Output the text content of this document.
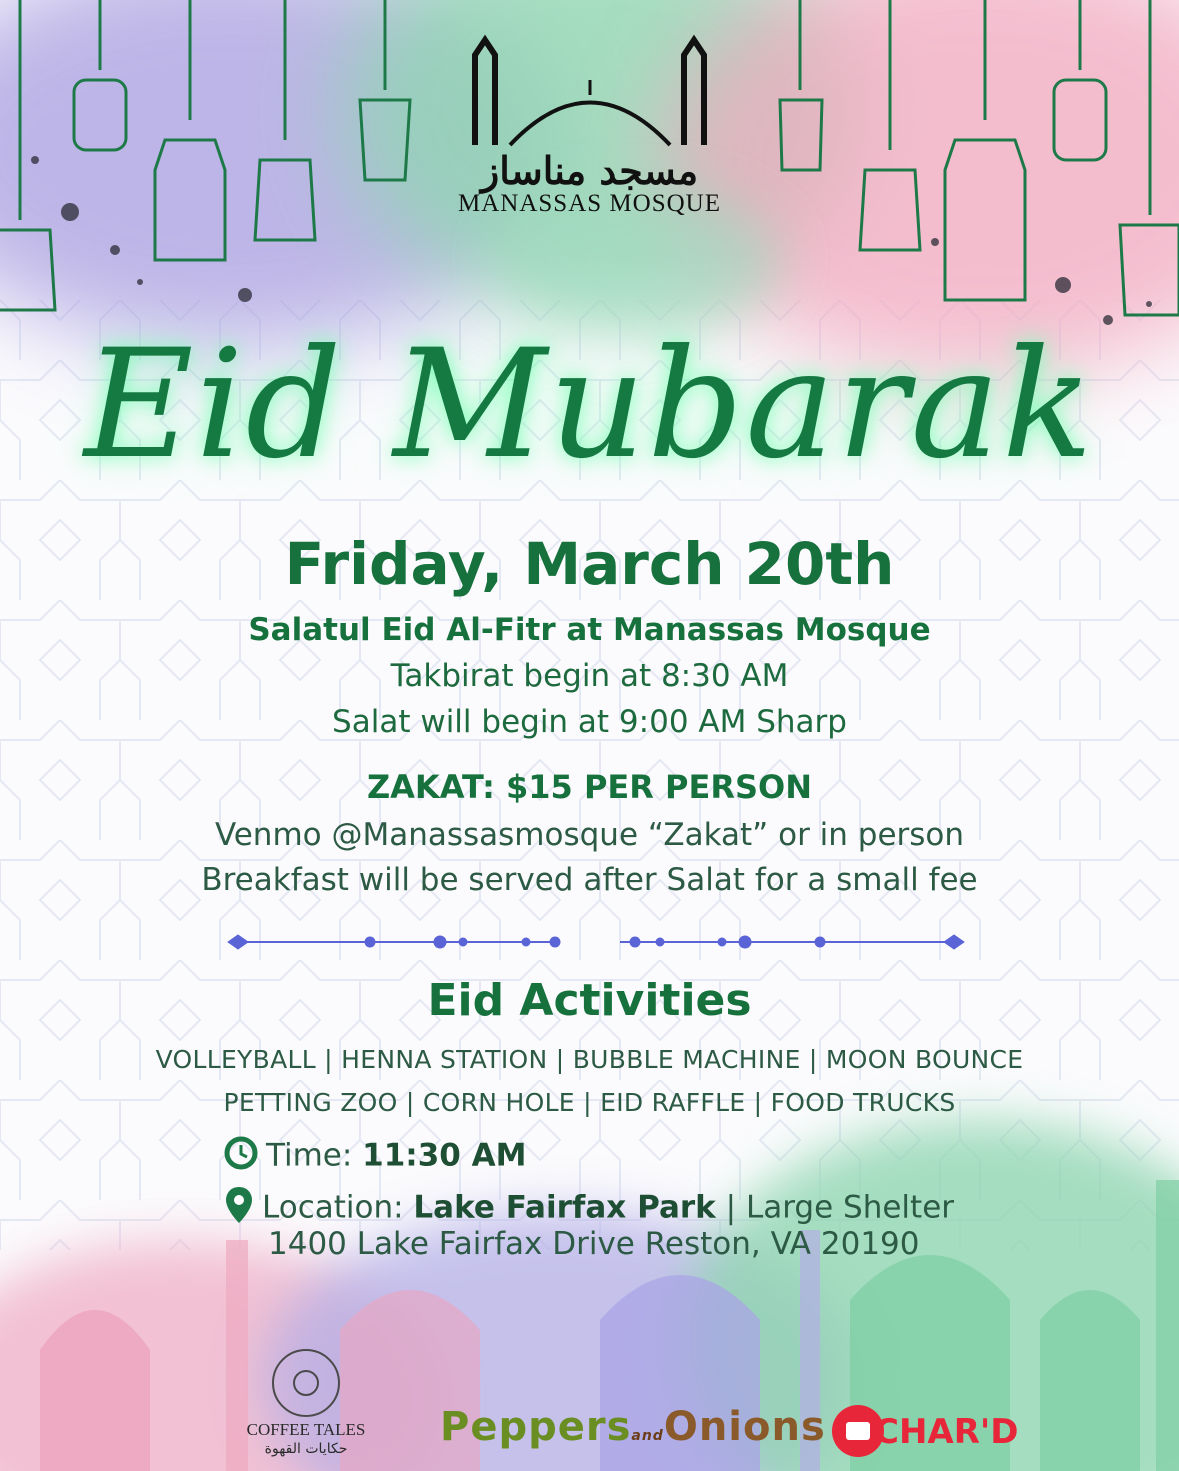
مسجد مناساز
MANASSAS MOSQUE
Eid Mubarak
Friday, March 20th
Salatul Eid Al-Fitr at Manassas Mosque
Takbirat begin at 8:30 AM
Salat will begin at 9:00 AM Sharp
ZAKAT: $15 PER PERSON
Venmo @Manassasmosque “Zakat” or in person
Breakfast will be served after Salat for a small fee
Eid Activities
VOLLEYBALL | HENNA STATION | BUBBLE MACHINE | MOON BOUNCE
PETTING ZOO | CORN HOLE | EID RAFFLE | FOOD TRUCKS
Time: 11:30 AM
Location: Lake Fairfax Park | Large Shelter
1400 Lake Fairfax Drive Reston, VA 20190
COFFEE TALES
حكايات القهوة	PeppersandOnions CHAR'D
